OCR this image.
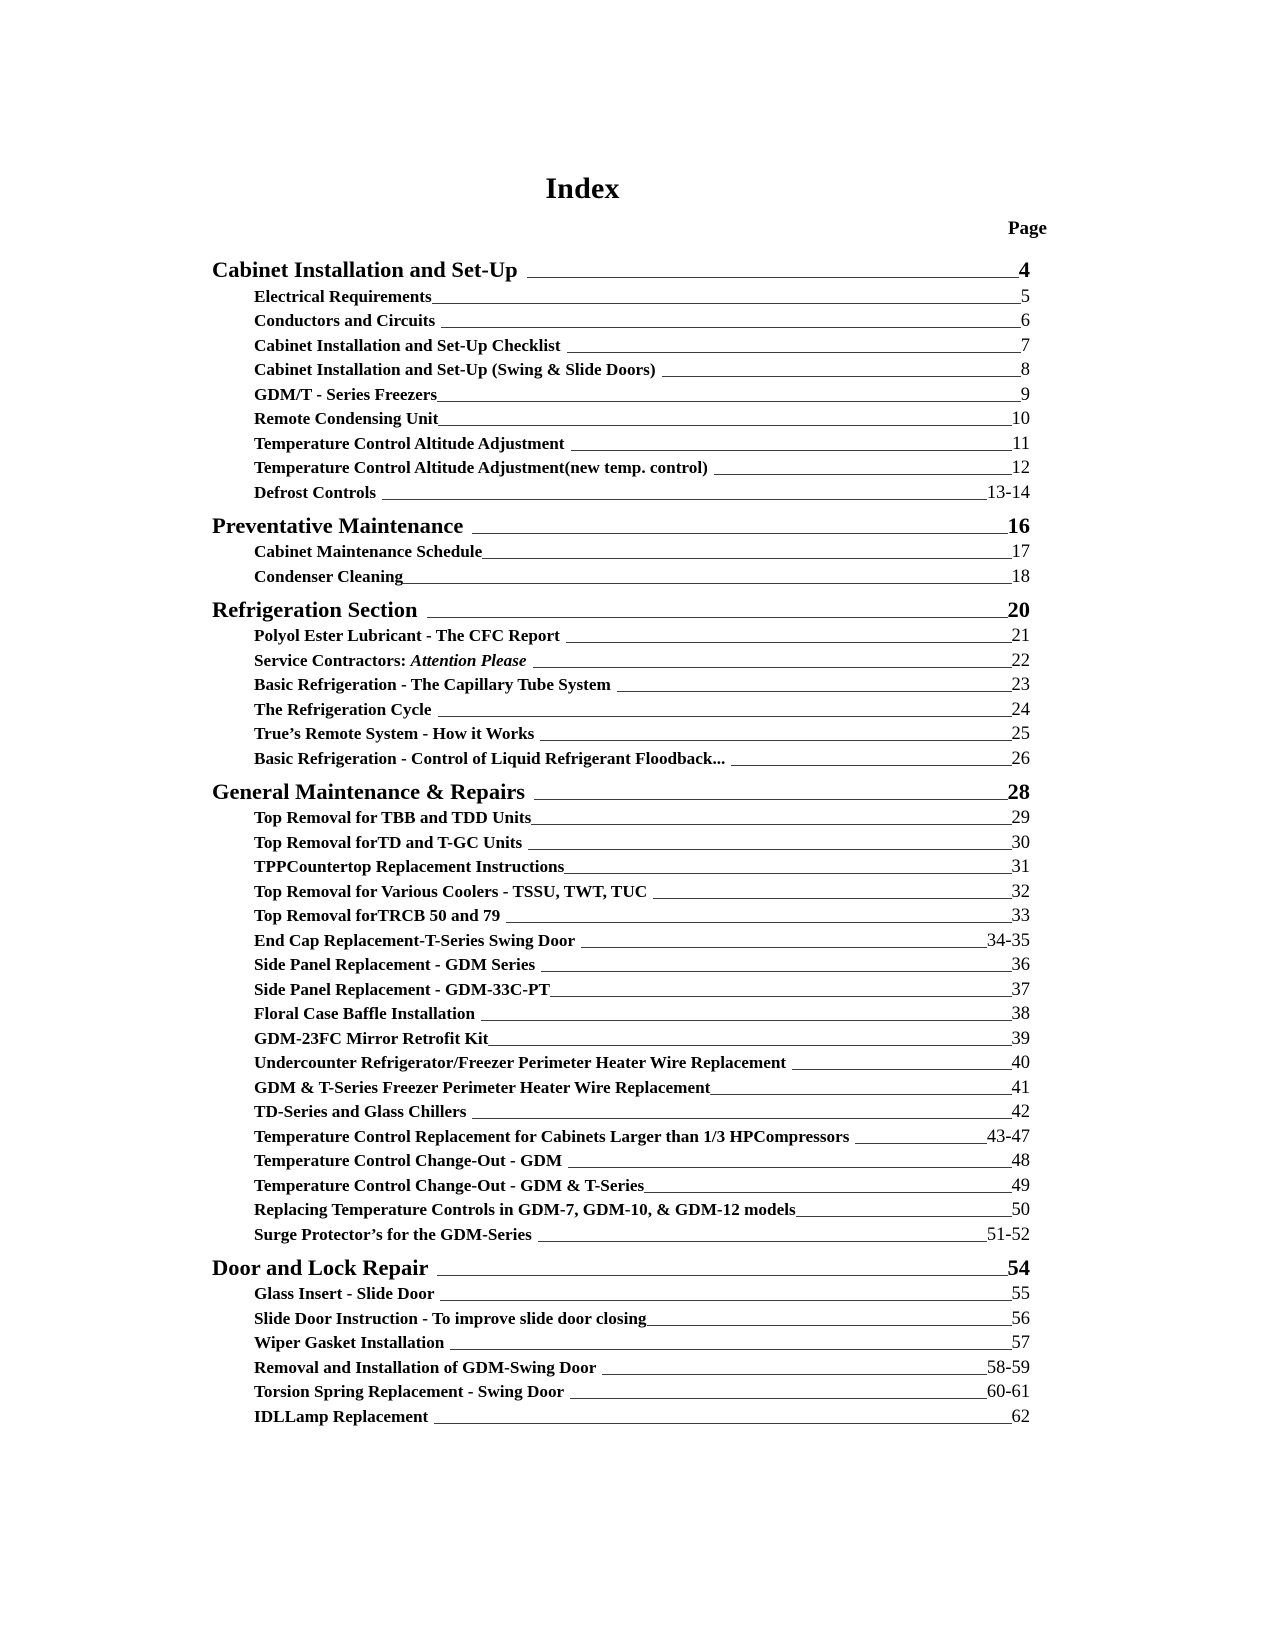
Index
Page
Cabinet Installation and Set-Up	4
Electrical Requirements	5
Conductors and Circuits	6
Cabinet Installation and Set-Up Checklist	7
Cabinet Installation and Set-Up (Swing & Slide Doors)	8
GDM/T - Series Freezers	9
Remote Condensing Unit	10
Temperature Control Altitude Adjustment	11
Temperature Control Altitude Adjustment(new temp. control)	12
Defrost Controls	13-14
Preventative Maintenance	16
Cabinet Maintenance Schedule	17
Condenser Cleaning	18
Refrigeration Section	20
Polyol Ester Lubricant - The CFC Report	21
Service Contractors: Attention Please	22
Basic Refrigeration - The Capillary Tube System	23
The Refrigeration Cycle	24
True’s Remote System - How it Works	25
Basic Refrigeration - Control of Liquid Refrigerant Floodback...	26
General Maintenance & Repairs	28
Top Removal for TBB and TDD Units	29
Top Removal forTD and T-GC Units	30
TPPCountertop Replacement Instructions	31
Top Removal for Various Coolers - TSSU, TWT, TUC	32
Top Removal forTRCB 50 and 79	33
End Cap Replacement-T-Series Swing Door	34-35
Side Panel Replacement - GDM Series	36
Side Panel Replacement - GDM-33C-PT	37
Floral Case Baffle Installation	38
GDM-23FC Mirror Retrofit Kit	39
Undercounter Refrigerator/Freezer Perimeter Heater Wire Replacement	40
GDM & T-Series Freezer Perimeter Heater Wire Replacement	41
TD-Series and Glass Chillers	42
Temperature Control Replacement for Cabinets Larger than 1/3 HPCompressors	43-47
Temperature Control Change-Out - GDM	48
Temperature Control Change-Out - GDM & T-Series	49
Replacing Temperature Controls in GDM-7, GDM-10, & GDM-12 models	50
Surge Protector’s for the GDM-Series	51-52
Door and Lock Repair	54
Glass Insert - Slide Door	55
Slide Door Instruction - To improve slide door closing	56
Wiper Gasket Installation	57
Removal and Installation of GDM-Swing Door	58-59
Torsion Spring Replacement - Swing Door	60-61
IDLLamp Replacement	62
